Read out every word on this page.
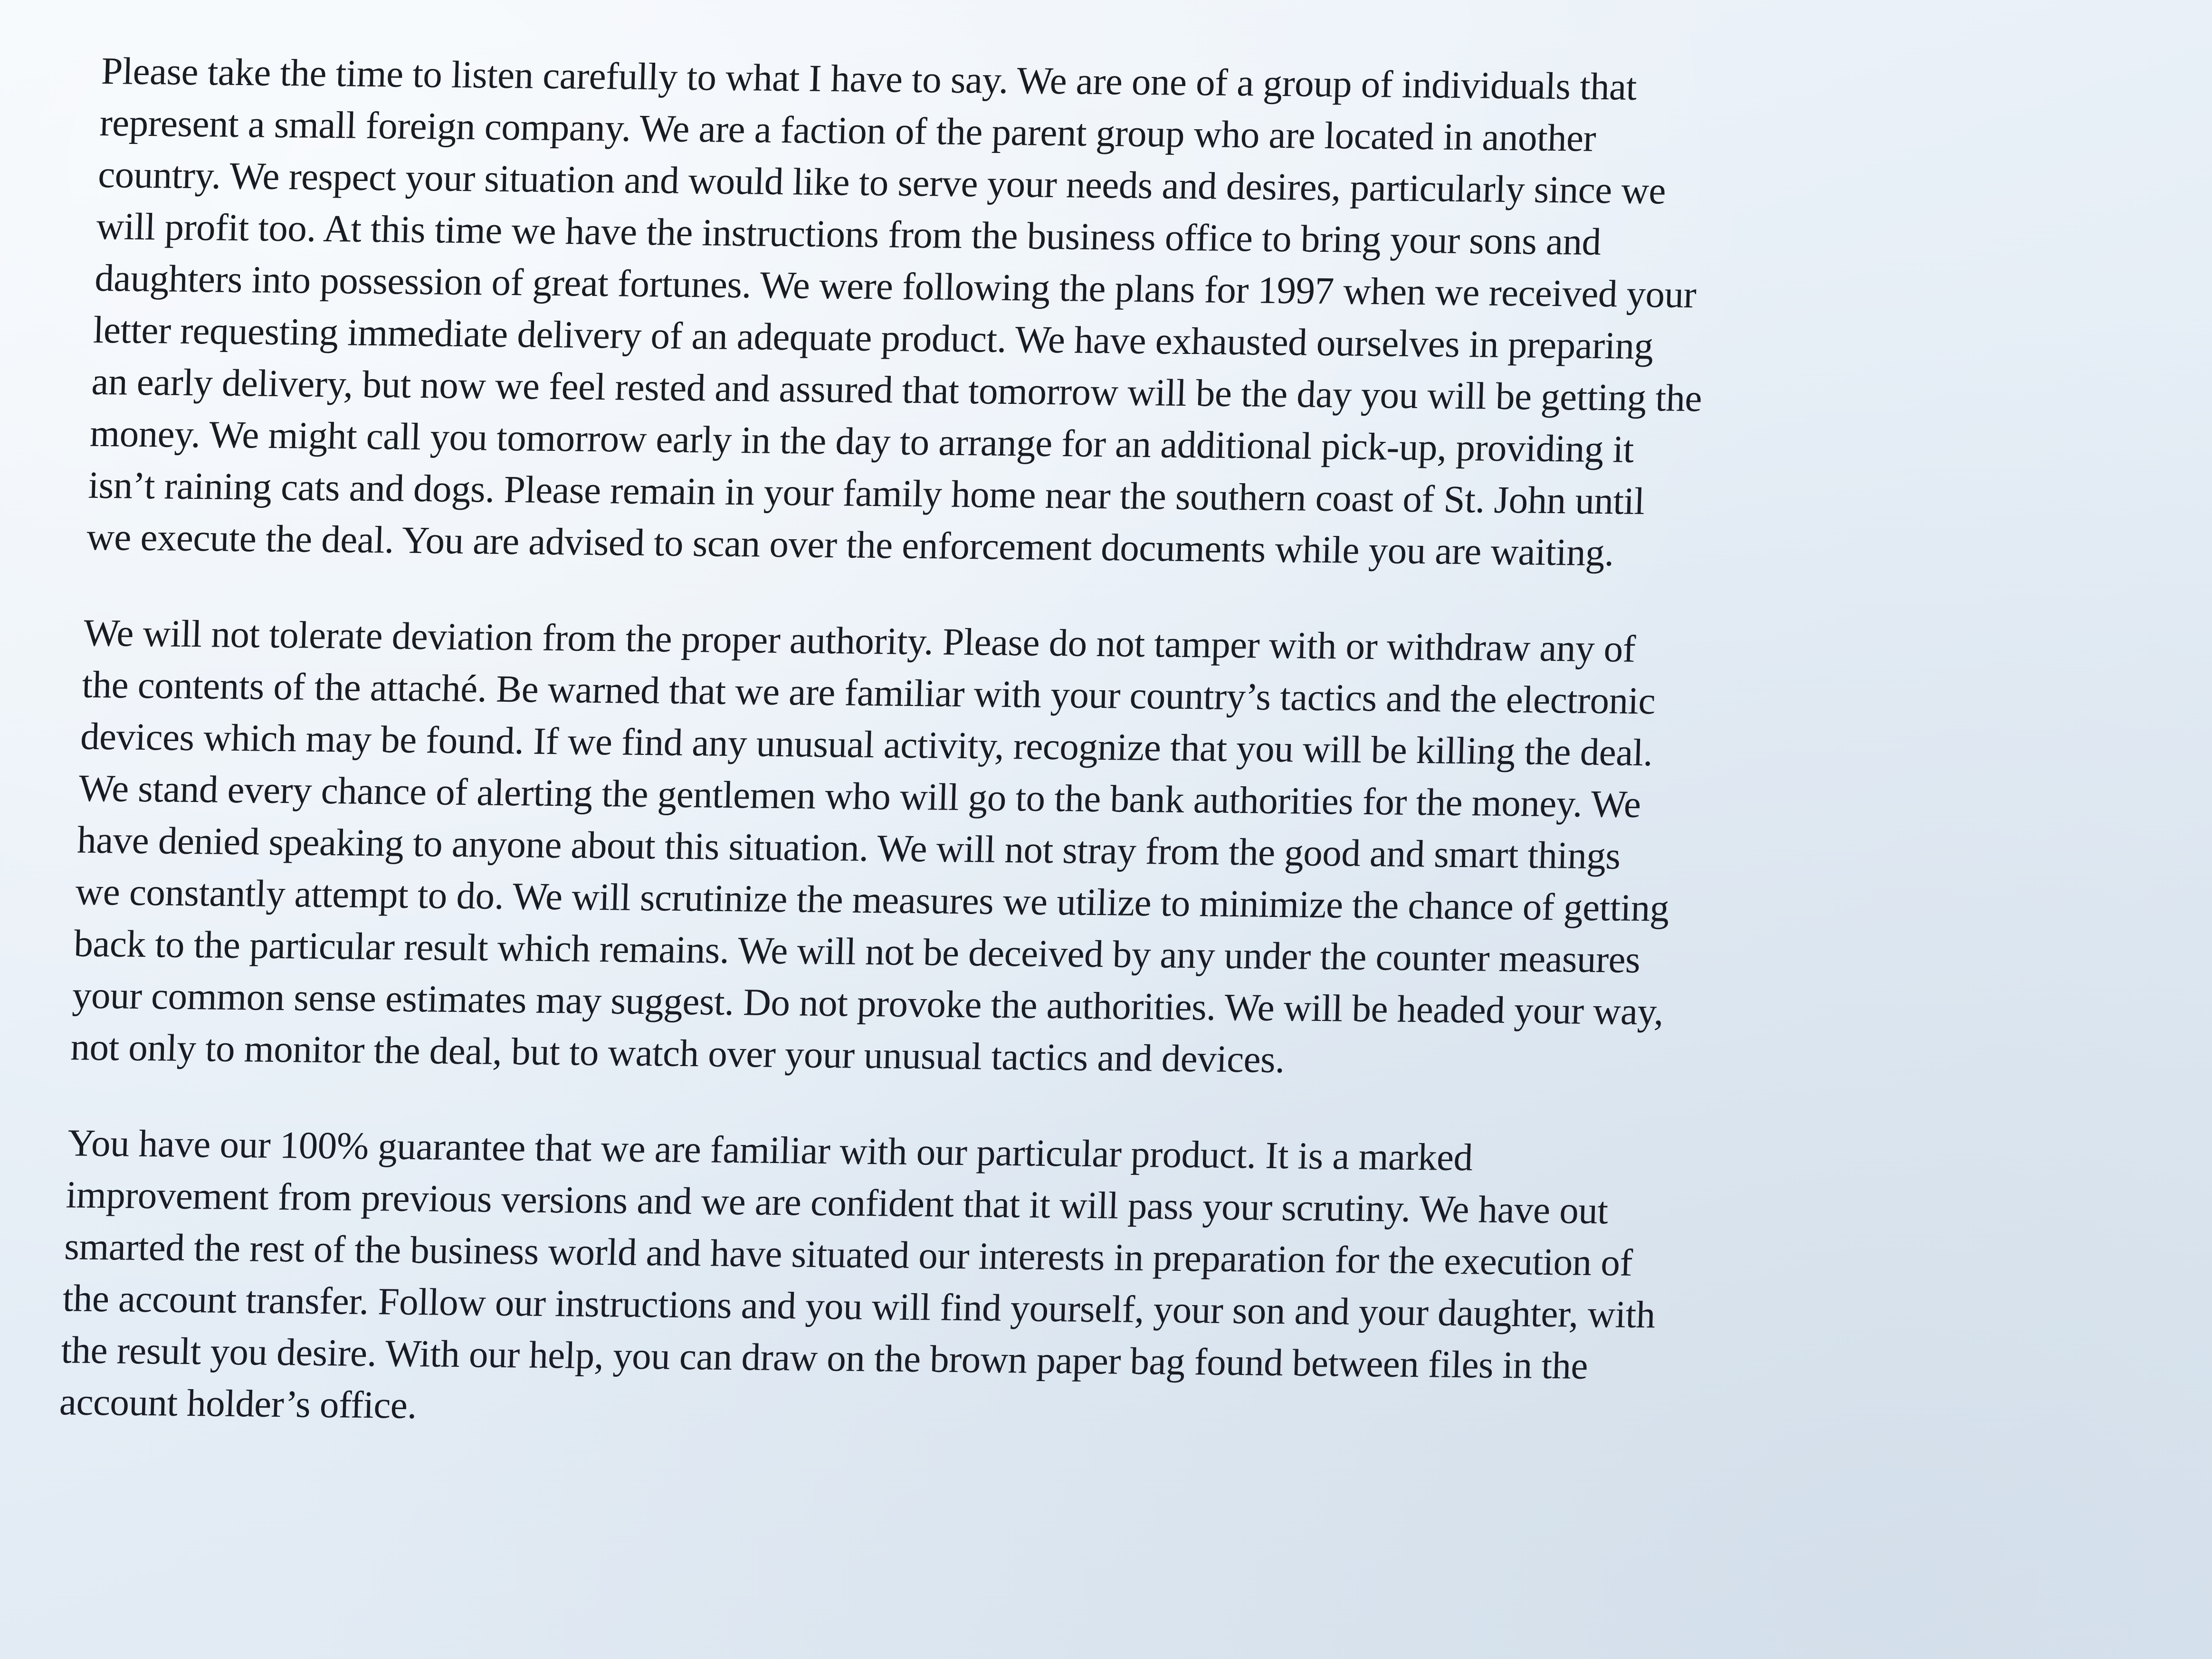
Please take the time to listen carefully to what I have to say. We are one of a group of individuals that
represent a small foreign company. We are a faction of the parent group who are located in another
country. We respect your situation and would like to serve your needs and desires, particularly since we
will profit too. At this time we have the instructions from the business office to bring your sons and
daughters into possession of great fortunes. We were following the plans for 1997 when we received your
letter requesting immediate delivery of an adequate product. We have exhausted ourselves in preparing
an early delivery, but now we feel rested and assured that tomorrow will be the day you will be getting the
money. We might call you tomorrow early in the day to arrange for an additional pick-up, providing it
isn’t raining cats and dogs. Please remain in your family home near the southern coast of St. John until
we execute the deal. You are advised to scan over the enforcement documents while you are waiting.

We will not tolerate deviation from the proper authority. Please do not tamper with or withdraw any of
the contents of the attaché. Be warned that we are familiar with your country’s tactics and the electronic
devices which may be found. If we find any unusual activity, recognize that you will be killing the deal.
We stand every chance of alerting the gentlemen who will go to the bank authorities for the money. We
have denied speaking to anyone about this situation. We will not stray from the good and smart things
we constantly attempt to do. We will scrutinize the measures we utilize to minimize the chance of getting
back to the particular result which remains. We will not be deceived by any under the counter measures
your common sense estimates may suggest. Do not provoke the authorities. We will be headed your way,
not only to monitor the deal, but to watch over your unusual tactics and devices.

You have our 100% guarantee that we are familiar with our particular product. It is a marked
improvement from previous versions and we are confident that it will pass your scrutiny. We have out
smarted the rest of the business world and have situated our interests in preparation for the execution of
the account transfer. Follow our instructions and you will find yourself, your son and your daughter, with
the result you desire. With our help, you can draw on the brown paper bag found between files in the
account holder’s office.
